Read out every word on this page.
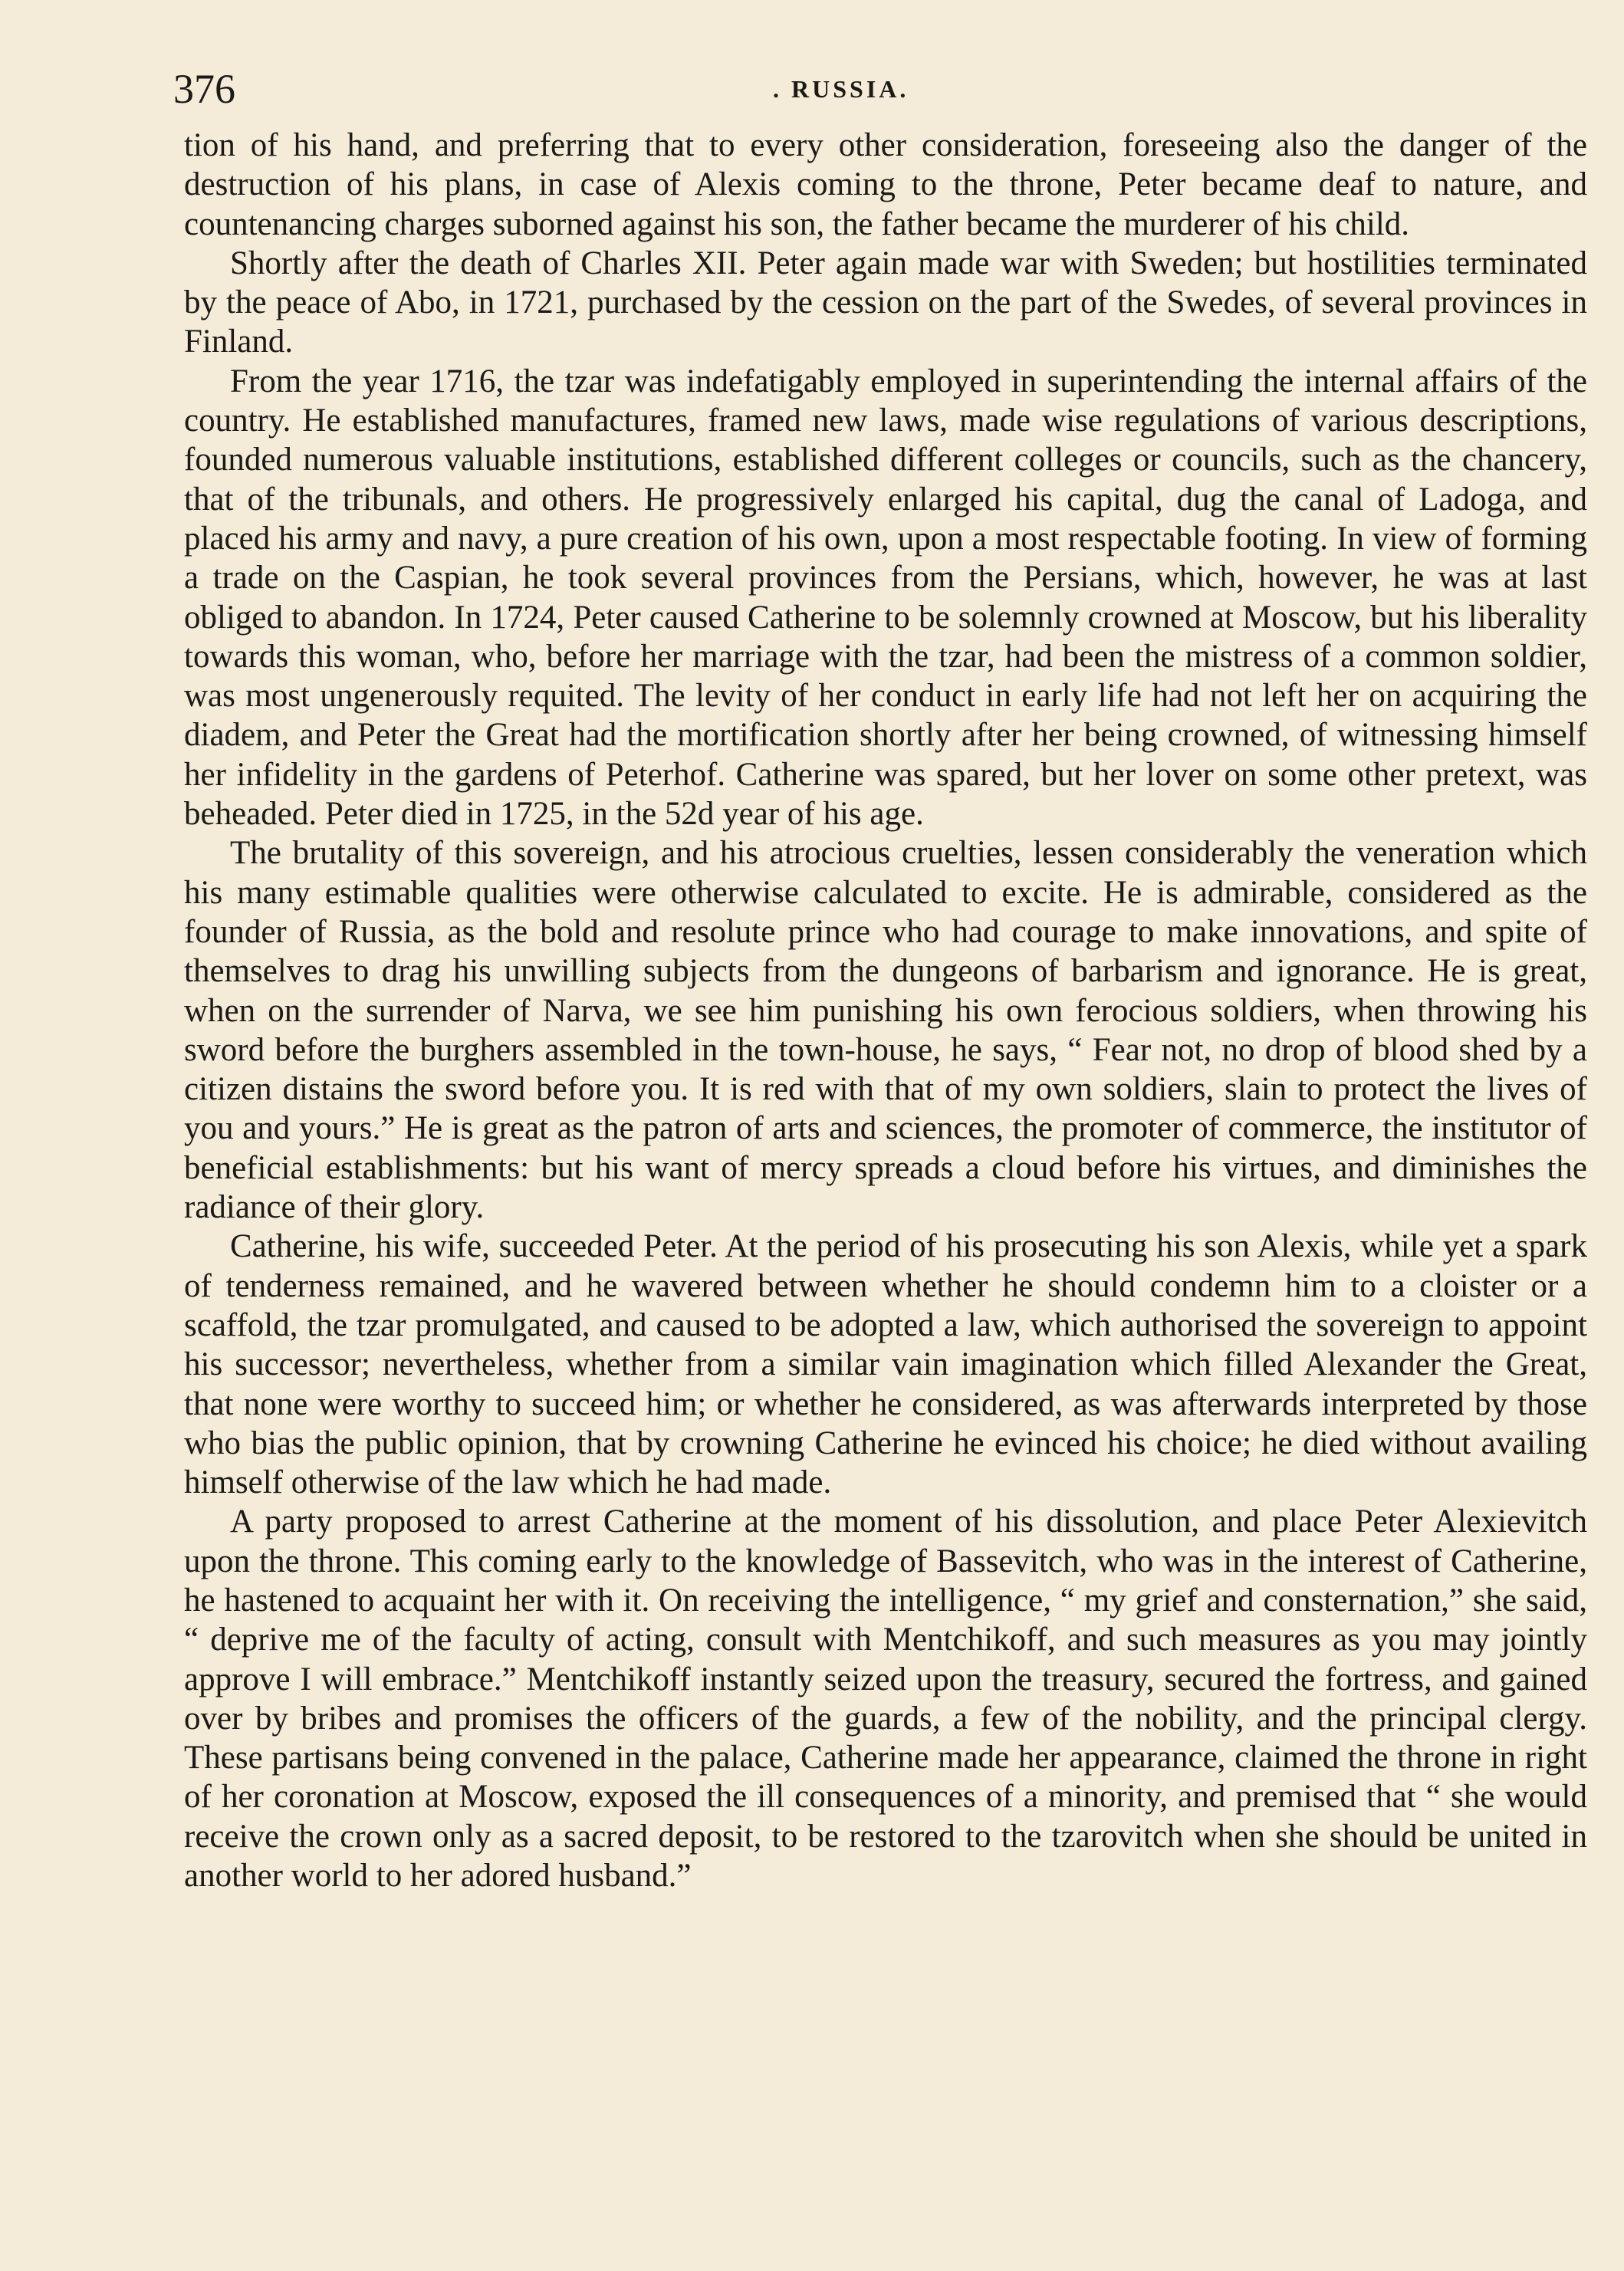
376	. RUSSIA.

tion of his hand, and preferring that to every other consideration, foreseeing also the danger of the destruction of his plans, in case of Alexis coming to the throne, Peter became deaf to nature, and countenancing charges suborned against his son, the father became the murderer of his child.

Shortly after the death of Charles XII. Peter again made war with Sweden; but hostilities terminated by the peace of Abo, in 1721, purchased by the cession on the part of the Swedes, of several provinces in Finland.

From the year 1716, the tzar was indefatigably employed in superintending the internal affairs of the country. He established manufactures, framed new laws, made wise regulations of various descriptions, founded numerous valuable institutions, established different colleges or councils, such as the chancery, that of the tribunals, and others. He progressively enlarged his capital, dug the canal of Ladoga, and placed his army and navy, a pure creation of his own, upon a most respectable footing. In view of forming a trade on the Caspian, he took several provinces from the Persians, which, however, he was at last obliged to abandon. In 1724, Peter caused Catherine to be solemnly crowned at Moscow, but his liberality towards this woman, who, before her marriage with the tzar, had been the mistress of a common soldier, was most ungenerously requited. The levity of her conduct in early life had not left her on acquiring the diadem, and Peter the Great had the mortification shortly after her being crowned, of witnessing himself her infidelity in the gardens of Peterhof. Catherine was spared, but her lover on some other pretext, was beheaded. Peter died in 1725, in the 52d year of his age.

The brutality of this sovereign, and his atrocious cruelties, lessen considerably the veneration which his many estimable qualities were otherwise calculated to excite. He is admirable, considered as the founder of Russia, as the bold and resolute prince who had courage to make innovations, and spite of themselves to drag his unwilling subjects from the dungeons of barbarism and ignorance. He is great, when on the surrender of Narva, we see him punishing his own ferocious soldiers, when throwing his sword before the burghers assembled in the town-house, he says, “ Fear not, no drop of blood shed by a citizen distains the sword before you. It is red with that of my own soldiers, slain to protect the lives of you and yours.” He is great as the patron of arts and sciences, the promoter of commerce, the institutor of beneficial establishments: but his want of mercy spreads a cloud before his virtues, and diminishes the radiance of their glory.

Catherine, his wife, succeeded Peter. At the period of his prosecuting his son Alexis, while yet a spark of tenderness remained, and he wavered between whether he should condemn him to a cloister or a scaffold, the tzar promulgated, and caused to be adopted a law, which authorised the sovereign to appoint his successor; nevertheless, whether from a similar vain imagination which filled Alexander the Great, that none were worthy to succeed him; or whether he considered, as was afterwards interpreted by those who bias the public opinion, that by crowning Catherine he evinced his choice; he died without availing himself otherwise of the law which he had made.

A party proposed to arrest Catherine at the moment of his dissolution, and place Peter Alexievitch upon the throne. This coming early to the knowledge of Bassevitch, who was in the interest of Catherine, he hastened to acquaint her with it. On receiving the intelligence, “ my grief and consternation,” she said, “ deprive me of the faculty of acting, consult with Mentchikoff, and such measures as you may jointly approve I will embrace.” Mentchikoff instantly seized upon the treasury, secured the fortress, and gained over by bribes and promises the officers of the guards, a few of the nobility, and the principal clergy. These partisans being convened in the palace, Catherine made her appearance, claimed the throne in right of her coronation at Moscow, exposed the ill consequences of a minority, and premised that “ she would receive the crown only as a sacred deposit, to be restored to the tzarovitch when she should be united in another world to her adored husband.”
